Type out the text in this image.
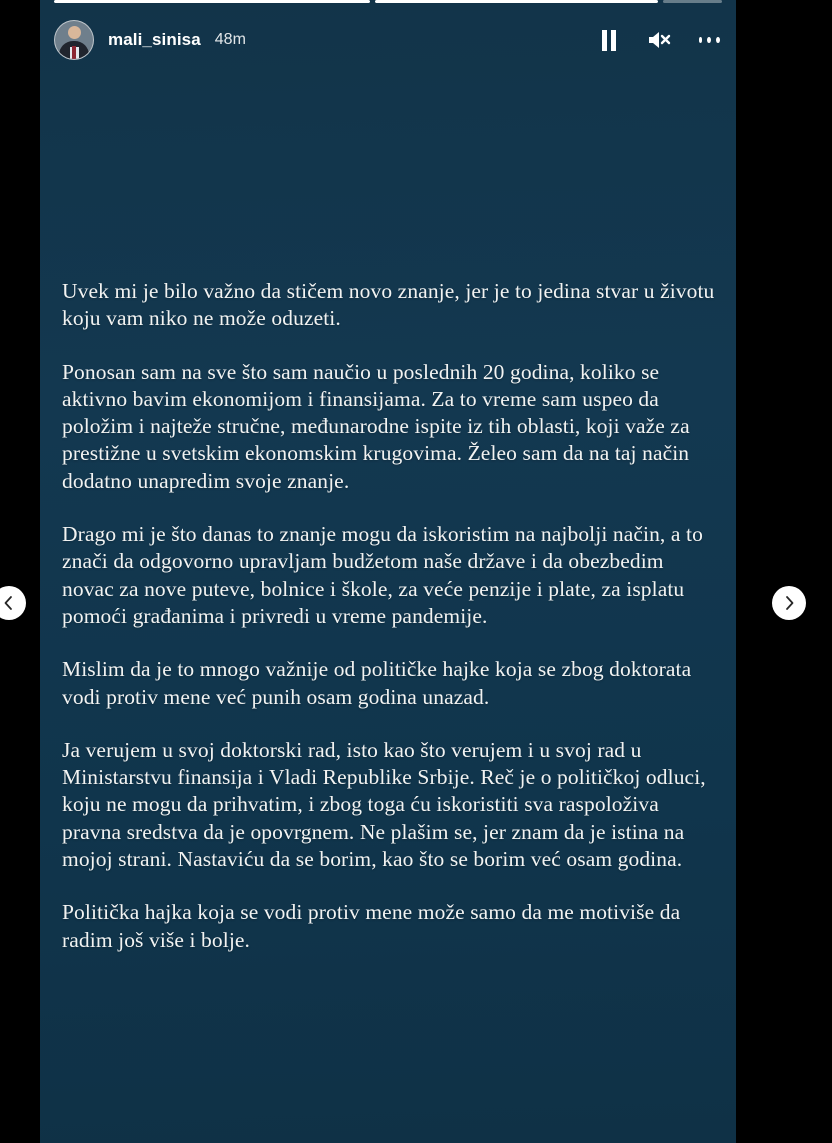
mali_sinisa 48m

Uvek mi je bilo važno da stičem novo znanje, jer je to jedina stvar u životu koju vam niko ne može oduzeti.

Ponosan sam na sve što sam naučio u poslednih 20 godina, koliko se aktivno bavim ekonomijom i finansijama. Za to vreme sam uspeo da položim i najteže stručne, međunarodne ispite iz tih oblasti, koji važe za prestižne u svetskim ekonomskim krugovima. Želeo sam da na taj način dodatno unapredim svoje znanje.

Drago mi je što danas to znanje mogu da iskoristim na najbolji način, a to znači da odgovorno upravljam budžetom naše države i da obezbedim novac za nove puteve, bolnice i škole, za veće penzije i plate, za isplatu pomoći građanima i privredi u vreme pandemije.

Mislim da je to mnogo važnije od političke hajke koja se zbog doktorata vodi protiv mene već punih osam godina unazad.

Ja verujem u svoj doktorski rad, isto kao što verujem i u svoj rad u Ministarstvu finansija i Vladi Republike Srbije. Reč je o političkoj odluci, koju ne mogu da prihvatim, i zbog toga ću iskoristiti sva raspoloživa pravna sredstva da je opovrgnem. Ne plašim se, jer znam da je istina na mojoj strani. Nastaviću da se borim, kao što se borim već osam godina.

Politička hajka koja se vodi protiv mene može samo da me motiviše da radim još više i bolje.
